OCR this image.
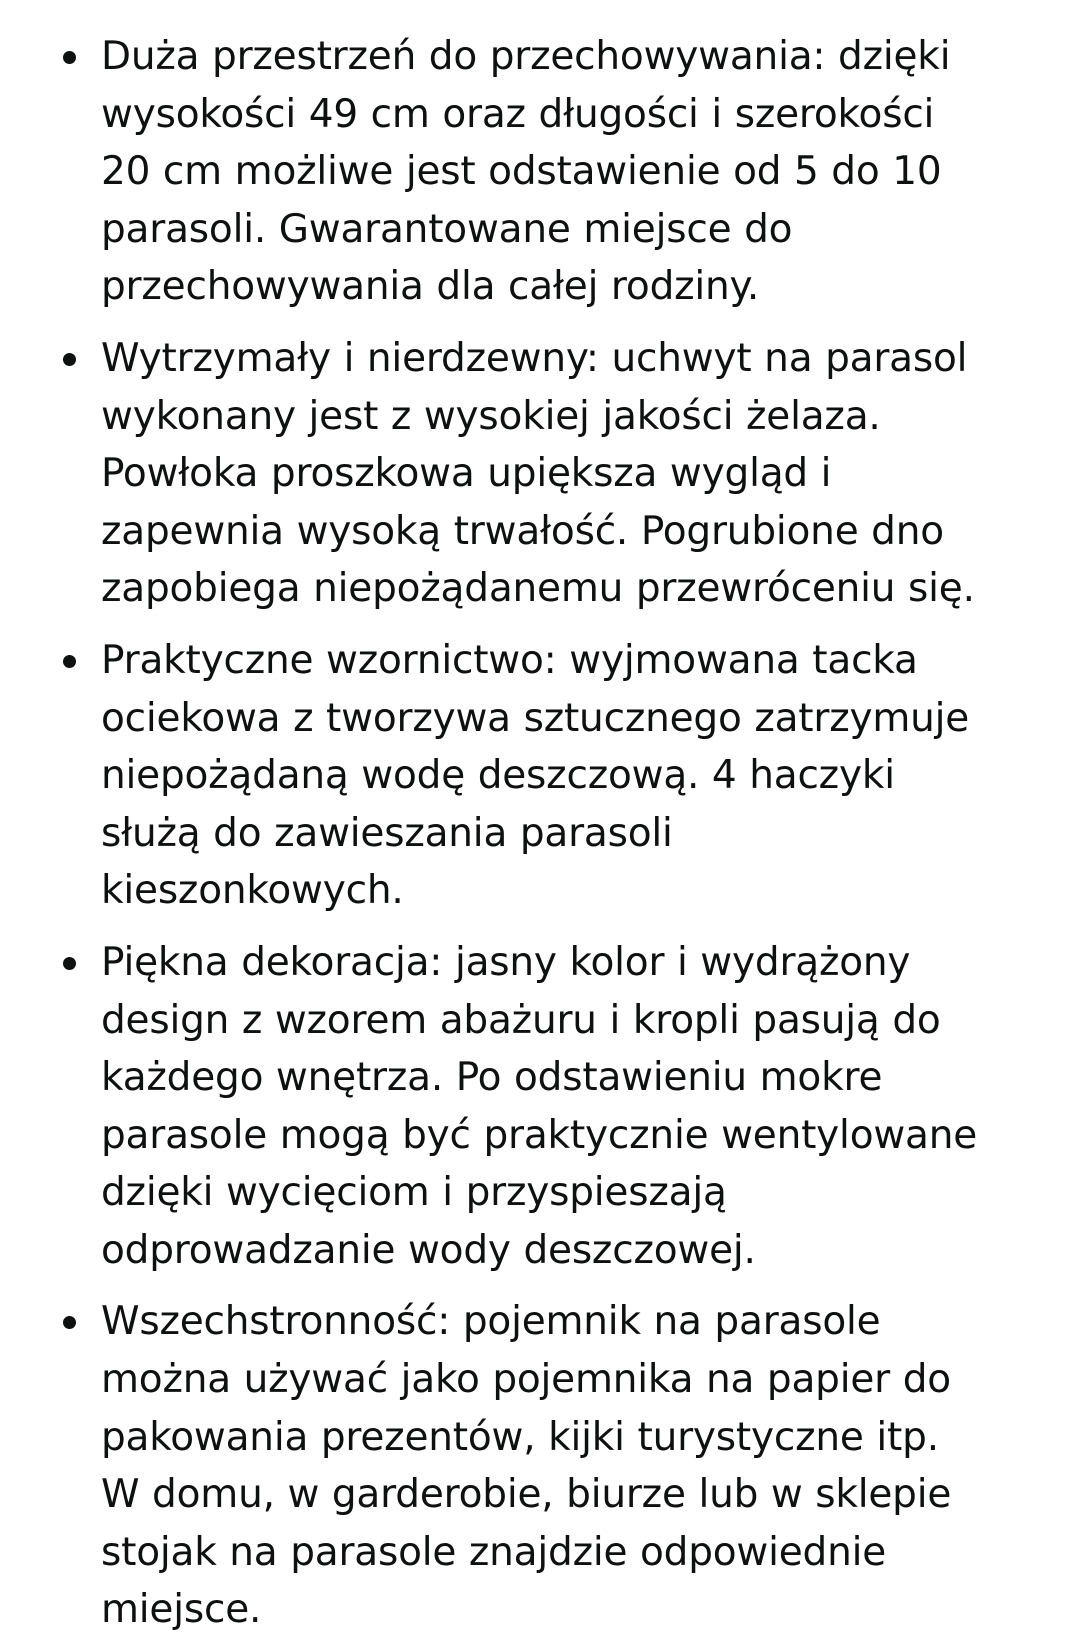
Duża przestrzeń do przechowywania: dzięki
wysokości 49 cm oraz długości i szerokości
20 cm możliwe jest odstawienie od 5 do 10
parasoli. Gwarantowane miejsce do
przechowywania dla całej rodziny.
Wytrzymały i nierdzewny: uchwyt na parasol
wykonany jest z wysokiej jakości żelaza.
Powłoka proszkowa upiększa wygląd i
zapewnia wysoką trwałość. Pogrubione dno
zapobiega niepożądanemu przewróceniu się.
Praktyczne wzornictwo: wyjmowana tacka
ociekowa z tworzywa sztucznego zatrzymuje
niepożądaną wodę deszczową. 4 haczyki
służą do zawieszania parasoli
kieszonkowych.
Piękna dekoracja: jasny kolor i wydrążony
design z wzorem abażuru i kropli pasują do
każdego wnętrza. Po odstawieniu mokre
parasole mogą być praktycznie wentylowane
dzięki wycięciom i przyspieszają
odprowadzanie wody deszczowej.
Wszechstronność: pojemnik na parasole
można używać jako pojemnika na papier do
pakowania prezentów, kijki turystyczne itp.
W domu, w garderobie, biurze lub w sklepie
stojak na parasole znajdzie odpowiednie
miejsce.
